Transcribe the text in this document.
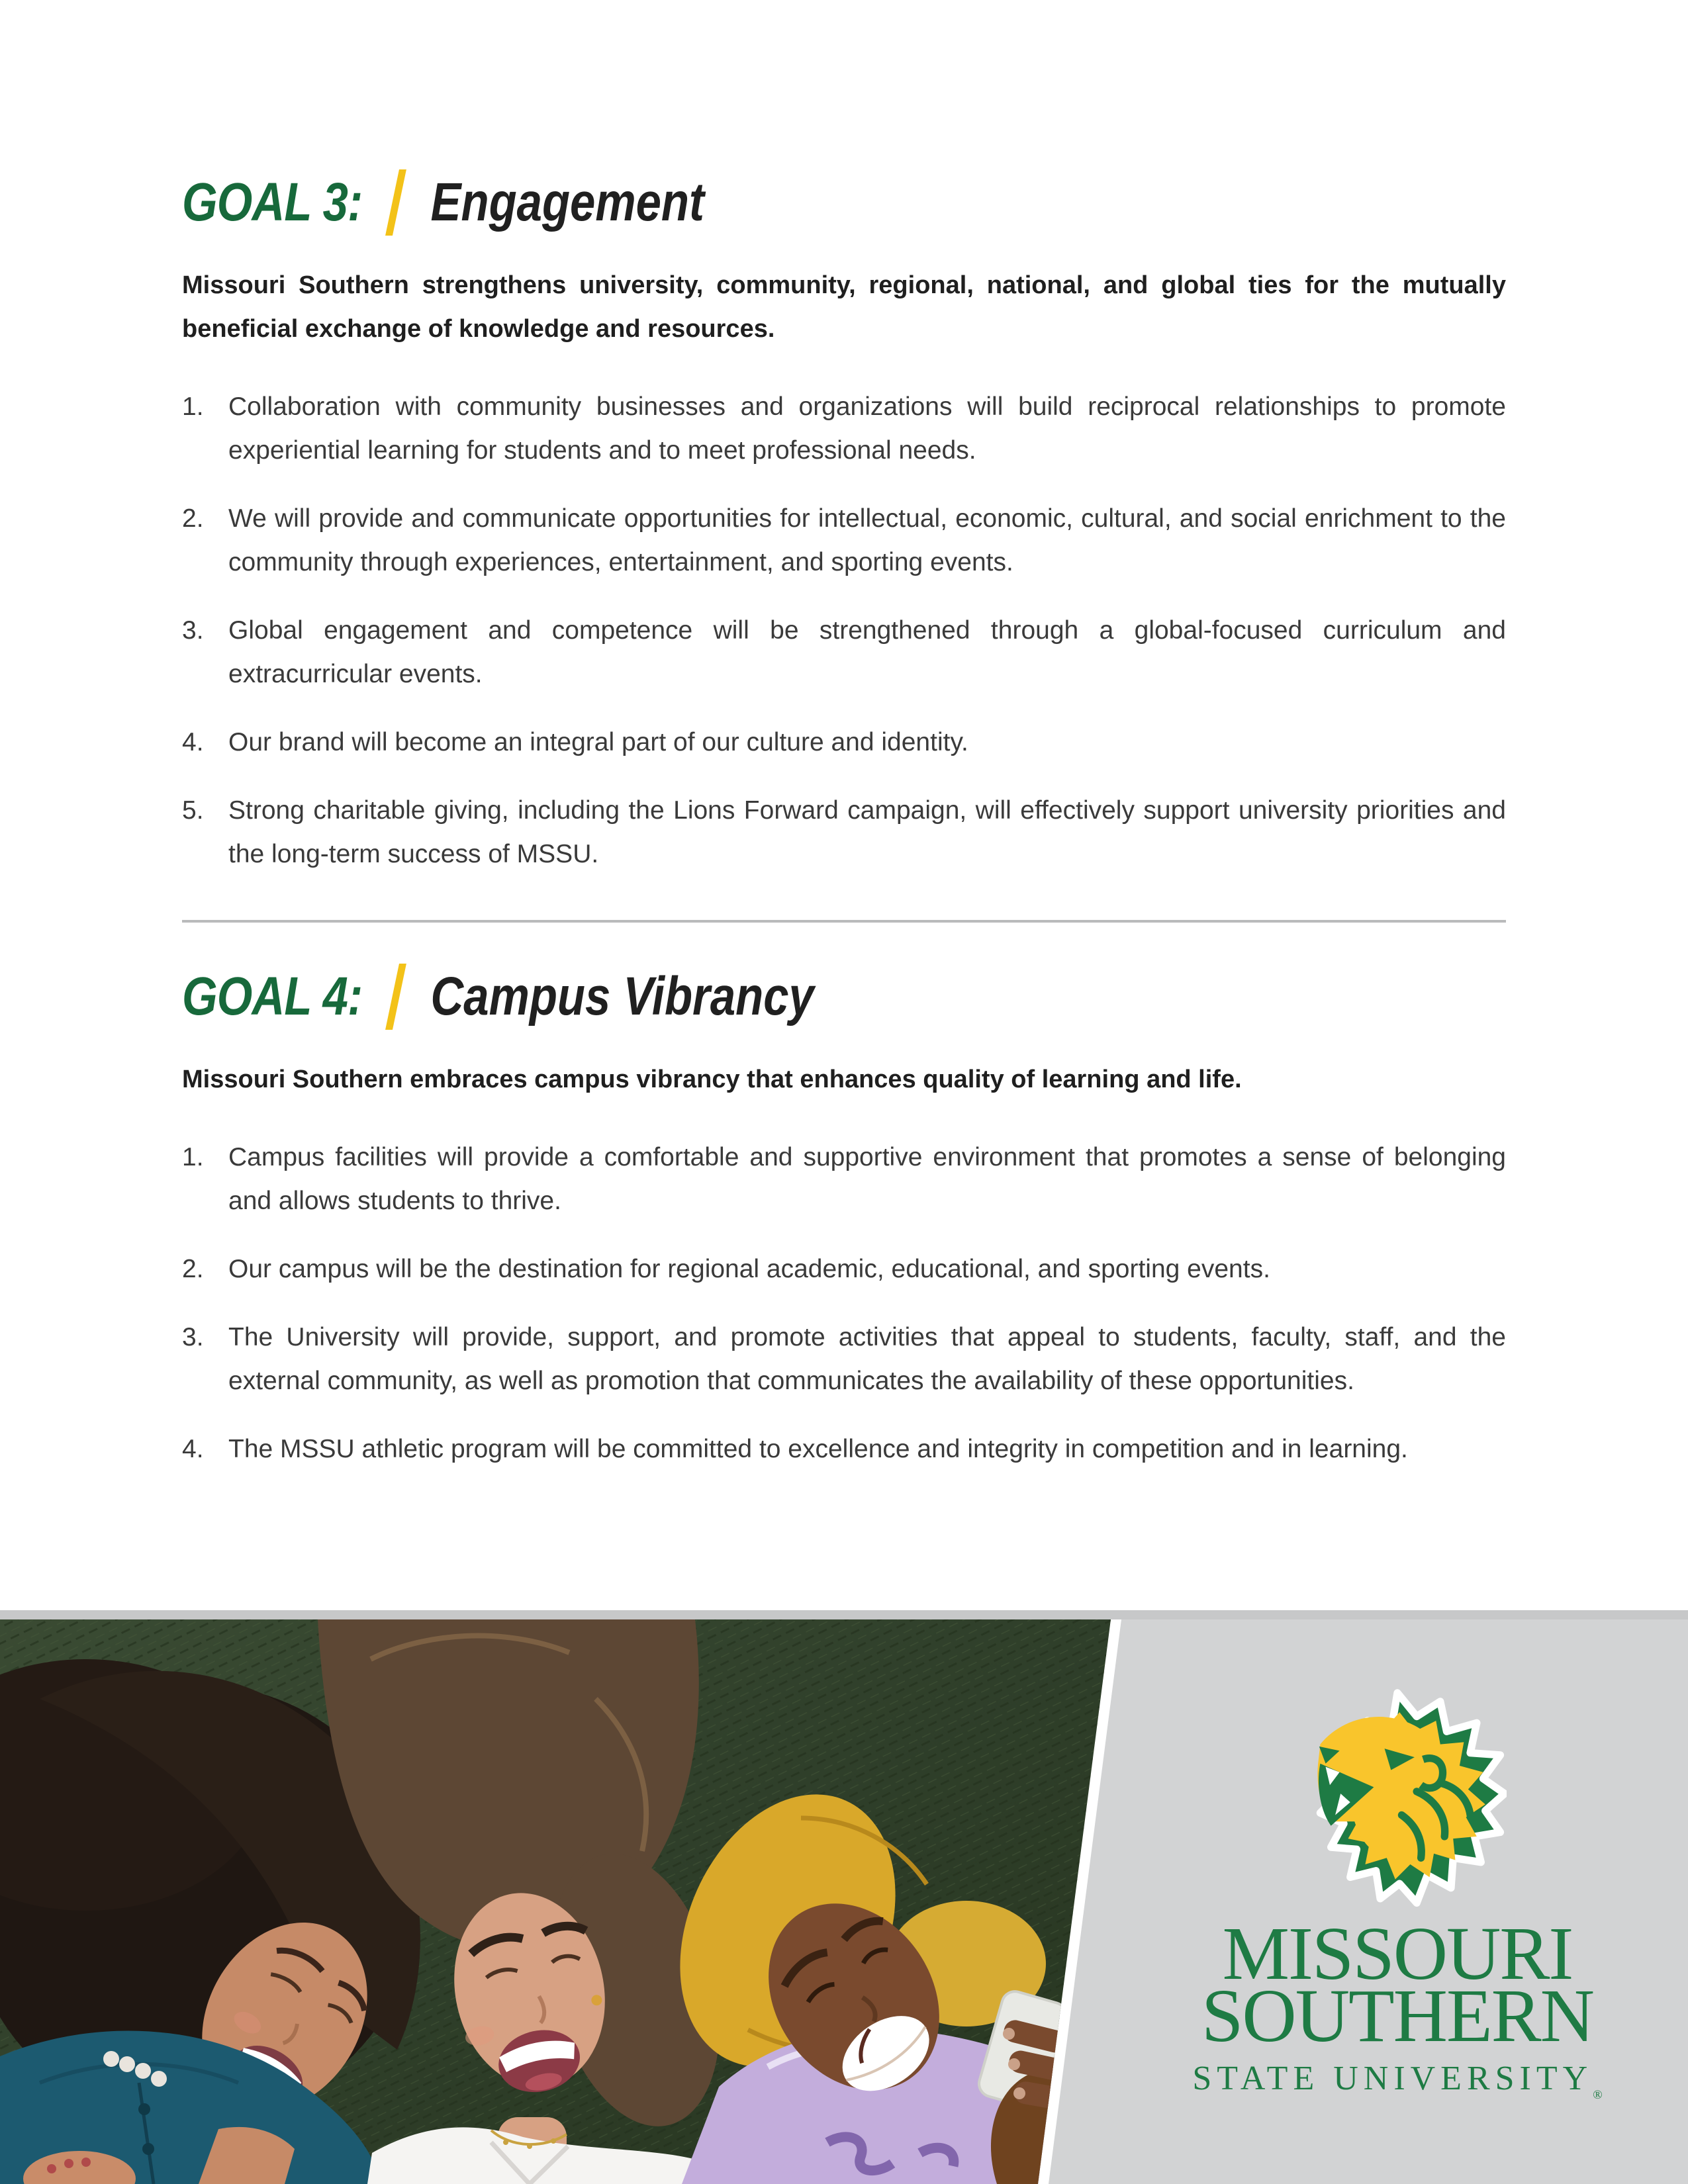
GOAL 3: Engagement

Missouri Southern strengthens university, community, regional, national, and global ties for the mutually beneficial exchange of knowledge and resources.

Collaboration with community businesses and organizations will build reciprocal relationships to promote experiential learning for students and to meet professional needs.
We will provide and communicate opportunities for intellectual, economic, cultural, and social enrichment to the community through experiences, entertainment, and sporting events.
Global engagement and competence will be strengthened through a global-focused curriculum and extracurricular events.
Our brand will become an integral part of our culture and identity.
Strong charitable giving, including the Lions Forward campaign, will effectively support university priorities and the long-term success of MSSU.
GOAL 4: Campus Vibrancy

Missouri Southern embraces campus vibrancy that enhances quality of learning and life.

Campus facilities will provide a comfortable and supportive environment that promotes a sense of belonging and allows students to thrive.
Our campus will be the destination for regional academic, educational, and sporting events.
The University will provide, support, and promote activities that appeal to students, faculty, staff, and the external community, as well as promotion that communicates the availability of these opportunities.
The MSSU athletic program will be committed to excellence and integrity in competition and in learning.
MISSOURI
SOUTHERN
STATE $UNIVERSITY_®$
